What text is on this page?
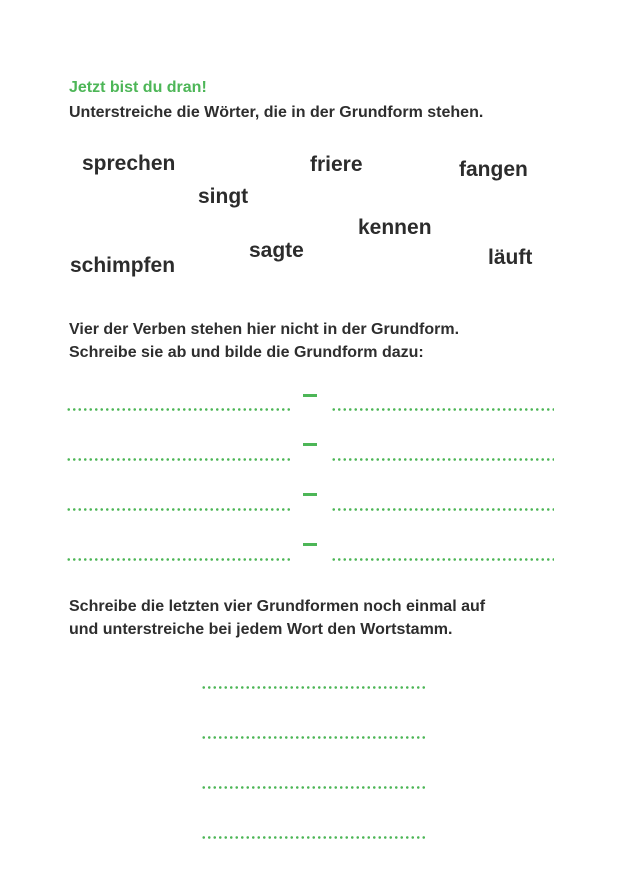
Jetzt bist du dran!
Unterstreiche die Wörter, die in der Grundform stehen.
sprechen	friere	fangen
singt
kennen
sagte	läuft
schimpfen
Vier der Verben stehen hier nicht in der Grundform.
Schreibe sie ab und bilde die Grundform dazu:
Schreibe die letzten vier Grundformen noch einmal auf
und unterstreiche bei jedem Wort den Wortstamm.
